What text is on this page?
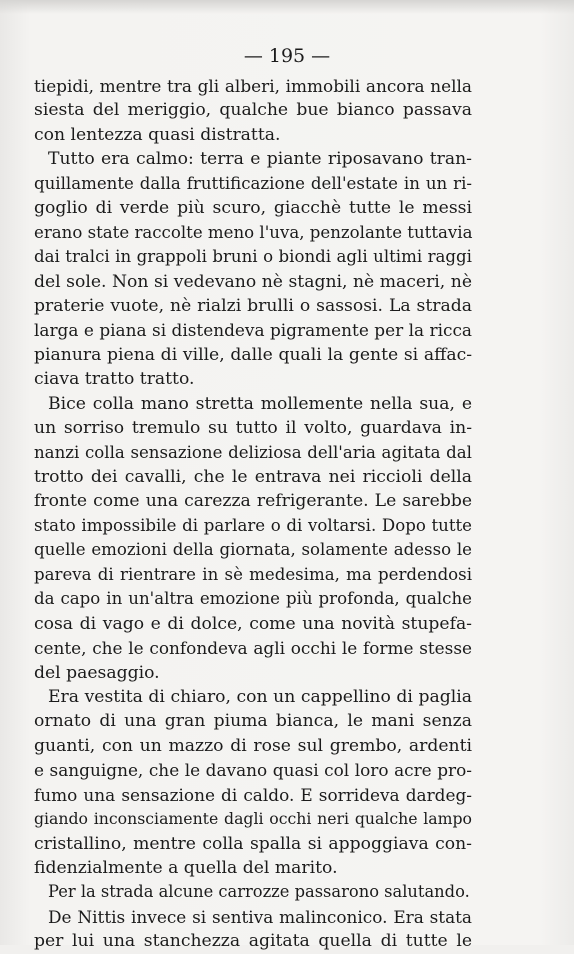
— 195 —
tiepidi, mentre tra gli alberi, immobili ancora nella
siesta del meriggio, qualche bue bianco passava
con lentezza quasi distratta.
Tutto era calmo: terra e piante riposavano tran-
quillamente dalla fruttificazione dell'estate in un ri-
goglio di verde più scuro, giacchè tutte le messi
erano state raccolte meno l'uva, penzolante tuttavia
dai tralci in grappoli bruni o biondi agli ultimi raggi
del sole. Non si vedevano nè stagni, nè maceri, nè
praterie vuote, nè rialzi brulli o sassosi. La strada
larga e piana si distendeva pigramente per la ricca
pianura piena di ville, dalle quali la gente si affac-
ciava tratto tratto.
Bice colla mano stretta mollemente nella sua, e
un sorriso tremulo su tutto il volto, guardava in-
nanzi colla sensazione deliziosa dell'aria agitata dal
trotto dei cavalli, che le entrava nei riccioli della
fronte come una carezza refrigerante. Le sarebbe
stato impossibile di parlare o di voltarsi. Dopo tutte
quelle emozioni della giornata, solamente adesso le
pareva di rientrare in sè medesima, ma perdendosi
da capo in un'altra emozione più profonda, qualche
cosa di vago e di dolce, come una novità stupefa-
cente, che le confondeva agli occhi le forme stesse
del paesaggio.
Era vestita di chiaro, con un cappellino di paglia
ornato di una gran piuma bianca, le mani senza
guanti, con un mazzo di rose sul grembo, ardenti
e sanguigne, che le davano quasi col loro acre pro-
fumo una sensazione di caldo. E sorrideva dardeg-
giando inconsciamente dagli occhi neri qualche lampo
cristallino, mentre colla spalla si appoggiava con-
fidenzialmente a quella del marito.
Per la strada alcune carrozze passarono salutando.
De Nittis invece si sentiva malinconico. Era stata
per lui una stanchezza agitata quella di tutte le
